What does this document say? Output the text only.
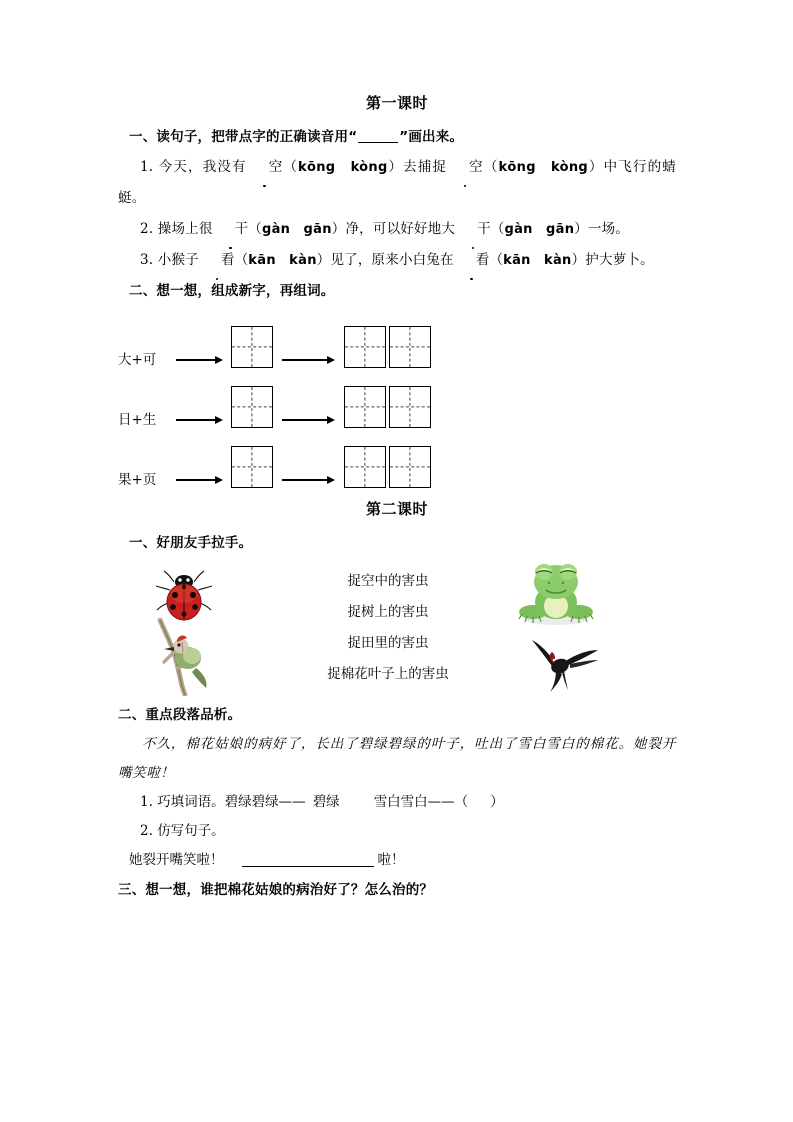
第一课时

一、读句子，把带点字的正确读音用“	”画出来。

1. 今天，我没有 空（kōng　kòng）去捕捉 空（kōng　kòng）中飞行的蜻蜓。

2. 操场上很 干（gàn　gān）净，可以好好地大 干（gàn　gān）一场。

3. 小猴子 看（kān　kàn）见了，原来小白兔在 看（kān　kàn）护大萝卜。

二、想一想，组成新字，再组词。

大+可
日+生
果+页
第二课时

一、好朋友手拉手。

捉空中的害虫
捉树上的害虫
捉田里的害虫
捉棉花叶子上的害虫

二、重点段落品析。

不久，棉花姑娘的病好了，长出了碧绿碧绿的叶子，吐出了雪白雪白的棉花。她裂开嘴笑啦！

1. 巧填词语。碧绿碧绿—— 碧绿	雪白雪白——（ ）

2. 仿写句子。

她裂开嘴笑啦！	啦！

三、想一想，谁把棉花姑娘的病治好了？怎么治的？
